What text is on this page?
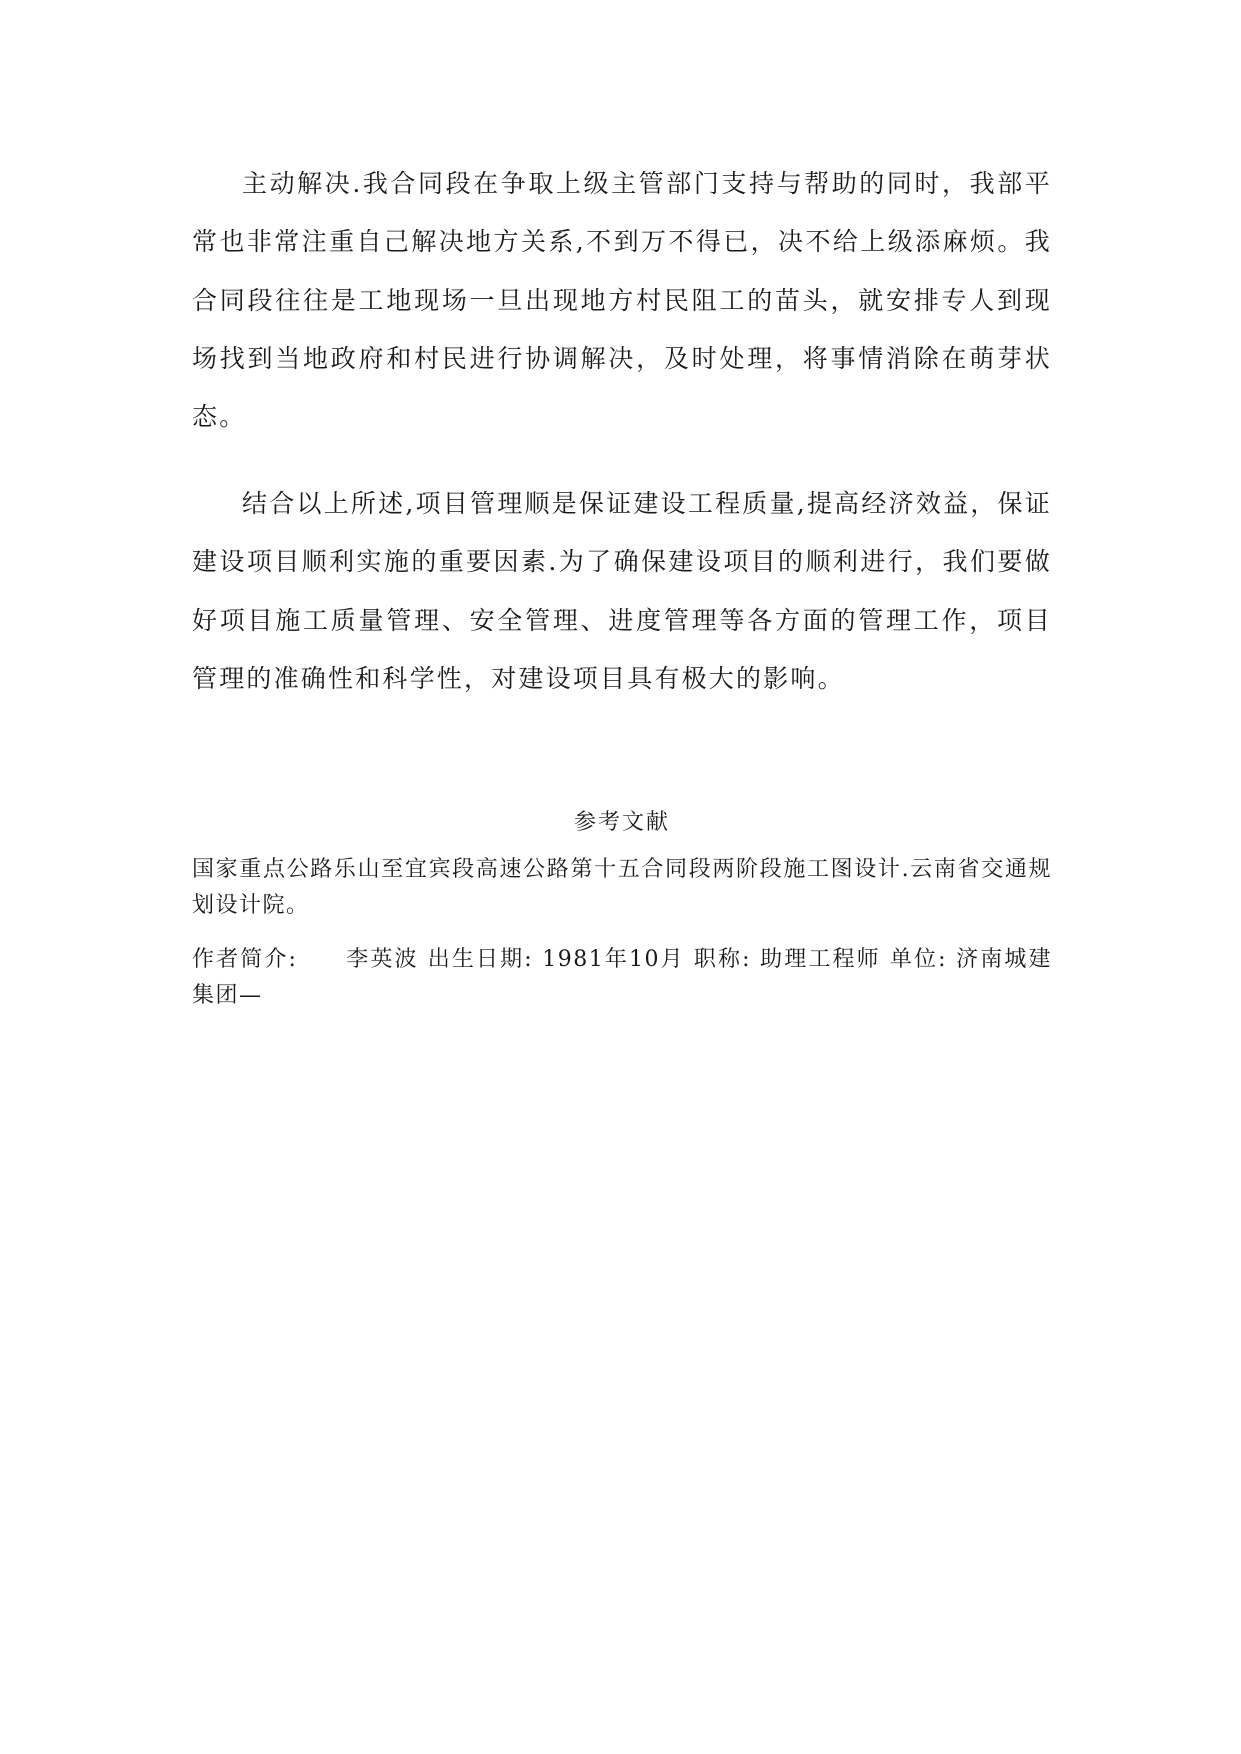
主动解决.我合同段在争取上级主管部门支持与帮助的同时，我部平常也非常注重自己解决地方关系,不到万不得已，决不给上级添麻烦。我合同段往往是工地现场一旦出现地方村民阻工的苗头，就安排专人到现场找到当地政府和村民进行协调解决，及时处理，将事情消除在萌芽状态。

结合以上所述,项目管理顺是保证建设工程质量,提高经济效益，保证建设项目顺利实施的重要因素.为了确保建设项目的顺利进行，我们要做好项目施工质量管理、安全管理、进度管理等各方面的管理工作，项目管理的准确性和科学性，对建设项目具有极大的影响。

参考文献

国家重点公路乐山至宜宾段高速公路第十五合同段两阶段施工图设计.云南省交通规划设计院。

作者简介:　　李英波 出生日期: 1981年10月 职称: 助理工程师 单位: 济南城建集团—
